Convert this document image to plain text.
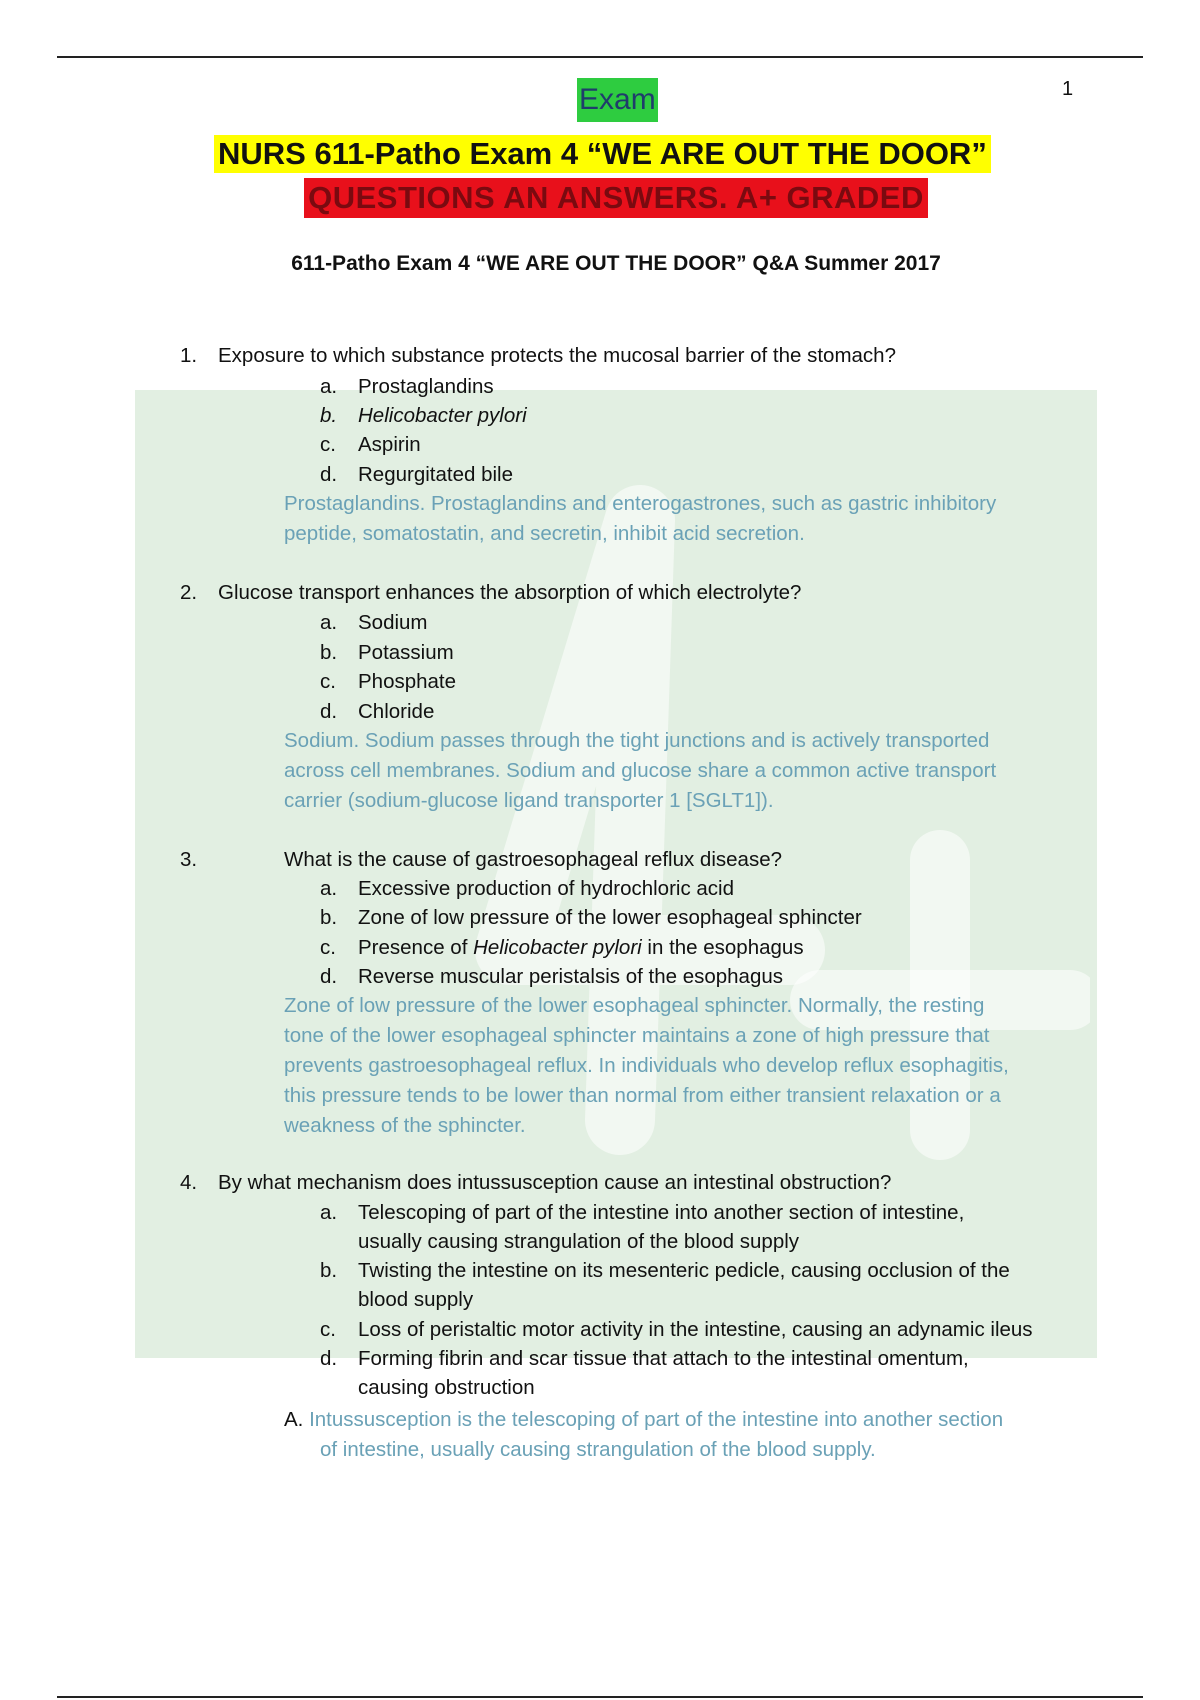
1
Exam
NURS 611-Patho Exam 4 “WE ARE OUT THE DOOR”
QUESTIONS AN ANSWERS. A+ GRADED
611-Patho Exam 4 “WE ARE OUT THE DOOR” Q&A Summer 2017
1. Exposure to which substance protects the mucosal barrier of the stomach?
a. Prostaglandins
b. Helicobacter pylori
c. Aspirin
d. Regurgitated bile
Prostaglandins. Prostaglandins and enterogastrones, such as gastric inhibitory
peptide, somatostatin, and secretin, inhibit acid secretion.
2. Glucose transport enhances the absorption of which electrolyte?
a. Sodium
b. Potassium
c. Phosphate
d. Chloride
Sodium. Sodium passes through the tight junctions and is actively transported
across cell membranes. Sodium and glucose share a common active transport
carrier (sodium-glucose ligand transporter 1 [SGLT1]).
3.	What is the cause of gastroesophageal reflux disease?
a. Excessive production of hydrochloric acid
b. Zone of low pressure of the lower esophageal sphincter
c. Presence of Helicobacter pylori in the esophagus
d. Reverse muscular peristalsis of the esophagus
Zone of low pressure of the lower esophageal sphincter. Normally, the resting
tone of the lower esophageal sphincter maintains a zone of high pressure that
prevents gastroesophageal reflux. In individuals who develop reflux esophagitis,
this pressure tends to be lower than normal from either transient relaxation or a
weakness of the sphincter.
4. By what mechanism does intussusception cause an intestinal obstruction?
a. Telescoping of part of the intestine into another section of intestine,
usually causing strangulation of the blood supply
b. Twisting the intestine on its mesenteric pedicle, causing occlusion of the
blood supply
c. Loss of peristaltic motor activity in the intestine, causing an adynamic ileus
d. Forming fibrin and scar tissue that attach to the intestinal omentum,
causing obstruction
A. Intussusception is the telescoping of part of the intestine into another section
of intestine, usually causing strangulation of the blood supply.
